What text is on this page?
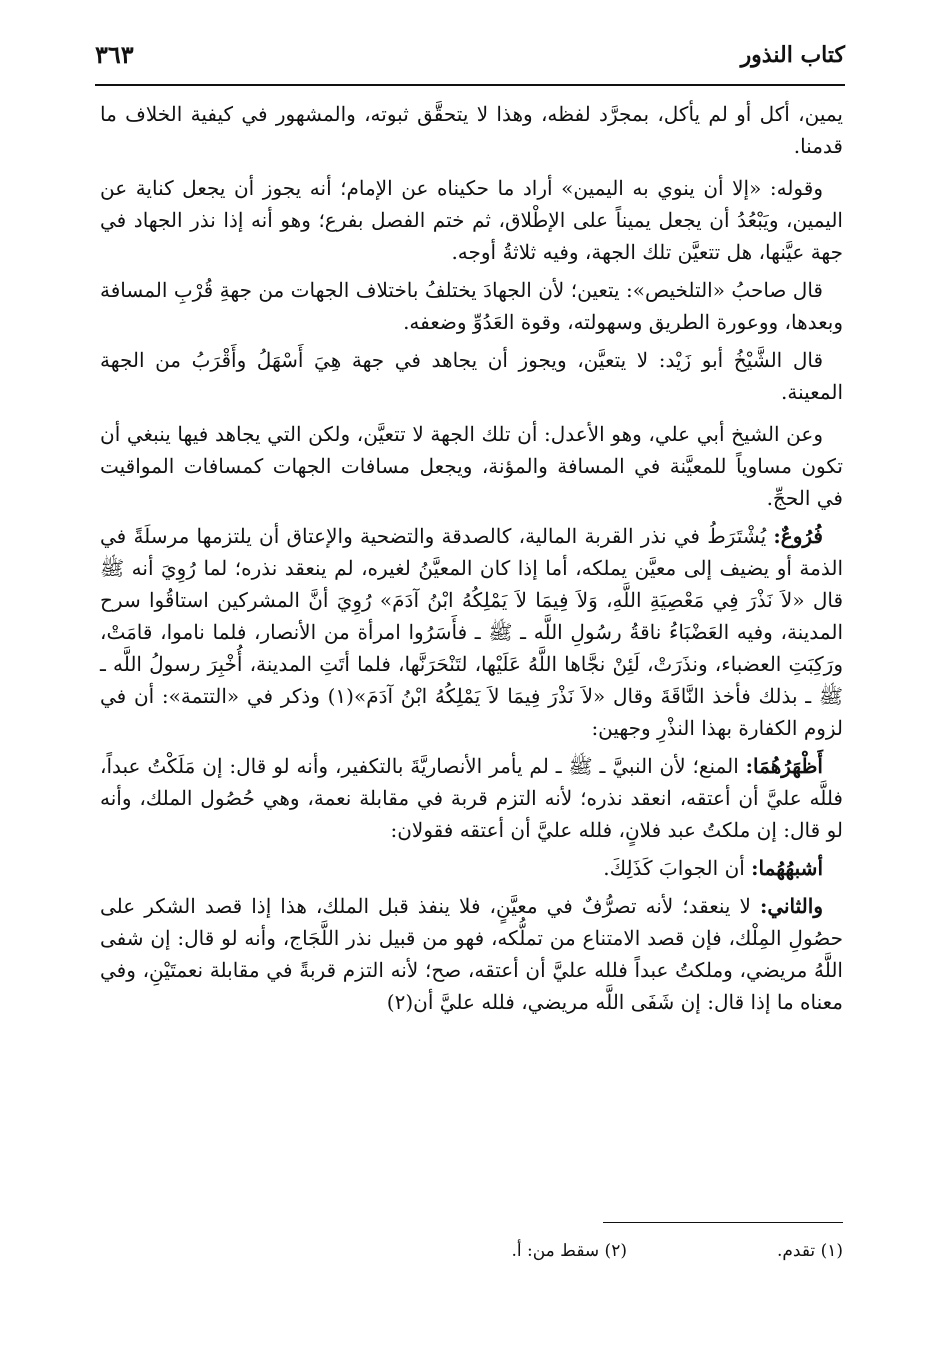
كتاب النذور
٣٦٣

يمين، أكل أو لم يأكل، بمجرَّد لفظه، وهذا لا يتحقَّق ثبوته، والمشهور في كيفية الخلاف ما قدمنا.

وقوله: «إلا أن ينوي به اليمين» أراد ما حكيناه عن الإمام؛ أنه يجوز أن يجعل كناية عن اليمين، ويَبْعُدُ أن يجعل يميناً على الإطْلاق، ثم ختم الفصل بفرع؛ وهو أنه إذا نذر الجهاد في جهة عيَّنها، هل تتعيَّن تلك الجهة، وفيه ثلاثةُ أوجه.

قال صاحبُ «التلخيص»: يتعين؛ لأن الجهادَ يختلفُ باختلاف الجهات من جهةِ قُرْبِ المسافة وبعدها، ووعورة الطريق وسهولته، وقوة العَدُوِّ وضعفه.

قال الشَّيْخُ أبو زَيْد: لا يتعيَّن، ويجوز أن يجاهد في جهة هِيَ أَسْهَلُ وأَقْرَبُ من الجهة المعينة.

وعن الشيخ أبي علي، وهو الأعدل: أن تلك الجهة لا تتعيَّن، ولكن التي يجاهد فيها ينبغي أن تكون مساوياً للمعيَّنة في المسافة والمؤنة، ويجعل مسافات الجهات كمسافات المواقيت في الحجِّ.

فُرُوعٌ: يُشْتَرَطُ في نذر القربة المالية، كالصدقة والتضحية والإعتاق أن يلتزمها مرسلَةً في الذمة أو يضيف إلى معيَّن يملكه، أما إذا كان المعيَّنُ لغيره، لم ينعقد نذره؛ لما رُوِيَ أنه ﷺ قال «لاَ نَذْرَ فِي مَعْصِيَةِ اللَّهِ، وَلاَ فِيمَا لاَ يَمْلِكُهُ ابْنُ آدَمَ» رُوِيَ أنَّ المشركين استاقُوا سرح المدينة، وفيه العَضْبَاءُ ناقةُ رسُولِ اللَّه ـ ﷺ ـ فأَسَرُوا امرأة من الأنصار، فلما ناموا، قامَتْ، ورَكِبَتِ العضباء، ونذَرَتْ، لَئِنْ نجَّاها اللَّهُ عَلَيْها، لتَنْحَرَنَّها، فلما أتَتِ المدينة، أُخْبِرَ رسولُ اللَّه ـ ﷺ ـ بذلك فأخذ النَّاقَةَ وقال «لاَ نَذْرَ فِيمَا لاَ يَمْلِكُهُ ابْنُ آدَمَ»(١) وذكر في «التتمة»: أن في لزوم الكفارة بهذا النذْرِ وجهين:

أَظْهَرُهُمَا: المنع؛ لأن النبيَّ ـ ﷺ ـ لم يأمر الأنصاريَّةَ بالتكفير، وأنه لو قال: إن مَلَكْتُ عبداً، فللَّه عليَّ أن أعتقه، انعقد نذره؛ لأنه التزم قربة في مقابلة نعمة، وهي حُصُول الملك، وأنه لو قال: إن ملكتُ عبد فلانٍ، فلله عليَّ أن أعتقه فقولان:

أشبهُهُما: أن الجوابَ كَذَلِكَ.

والثاني: لا ينعقد؛ لأنه تصرُّفٌ في معيَّنٍ، فلا ينفذ قبل الملك، هذا إذا قصد الشكر على حصُولِ المِلْك، فإن قصد الامتناع من تملُّكه، فهو من قبيل نذر اللَّجَاج، وأنه لو قال: إن شفى اللَّهُ مريضي، وملكتُ عبداً فلله عليَّ أن أعتقه، صح؛ لأنه التزم قربةً في مقابلة نعمتَيْنِ، وفي معناه ما إذا قال: إن شَفَى اللَّه مريضي، فلله عليَّ أن(٢)

(١) تقدم.
(٢) سقط من: أ.
